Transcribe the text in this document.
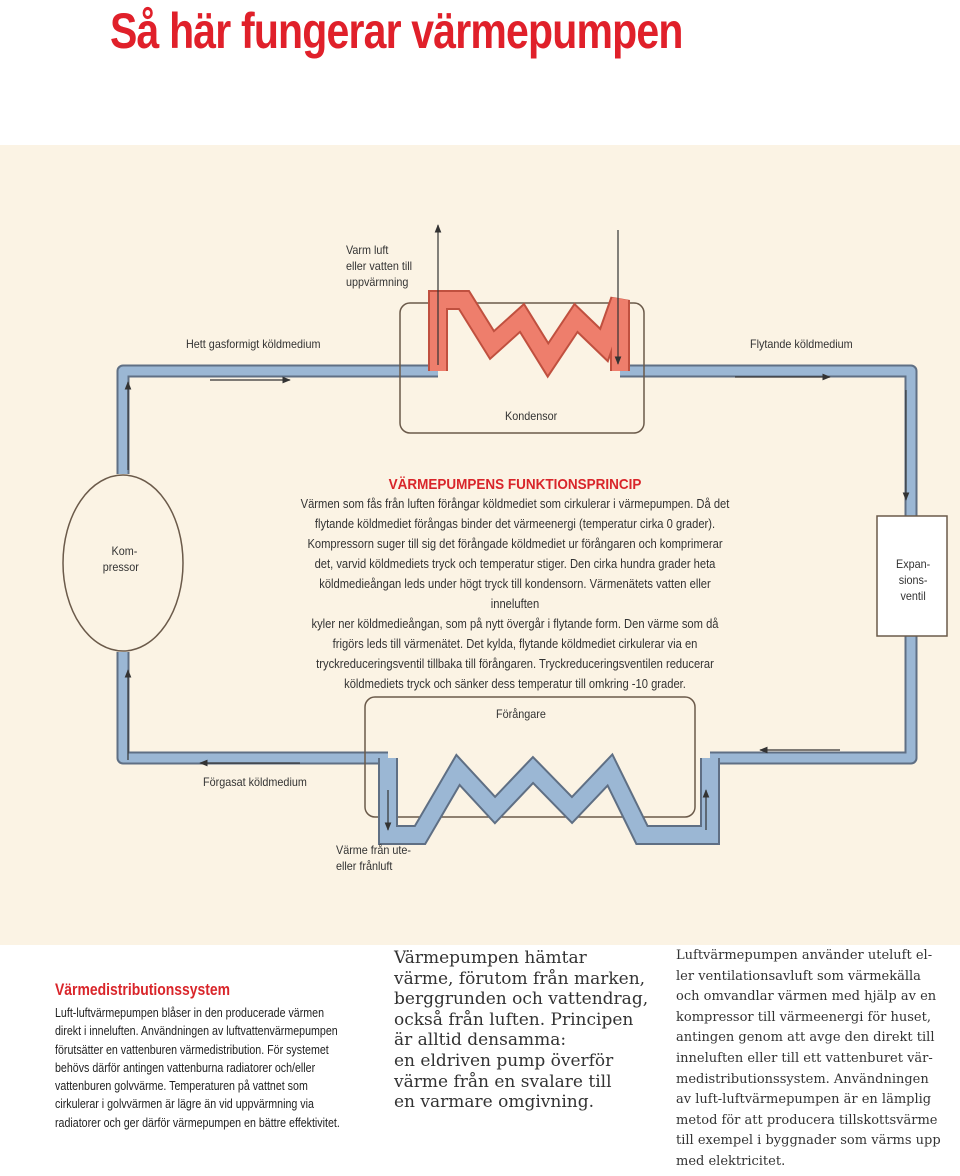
Så här fungerar värmepumpen
Varm luft
eller vatten till
uppvärmning
Hett gasformigt köldmedium	Flytande köldmedium
Kondensor
Kom-
pressor	Expan-
sions-
ventil
Förångare
Förgasat köldmedium
Värme från ute-
eller frånluft
VÄRMEPUMPENS FUNKTIONSPRINCIP
Värmen som fås från luften förångar köldmediet som cirkulerar i värmepumpen. Då det
flytande köldmediet förångas binder det värmeenergi (temperatur cirka 0 grader).
Kompressorn suger till sig det förångade köldmediet ur förångaren och komprimerar
det, varvid köldmediets tryck och temperatur stiger. Den cirka hundra grader heta
köldmedieångan leds under högt tryck till kondensorn. Värmenätets vatten eller inneluften
kyler ner köldmedieångan, som på nytt övergår i flytande form. Den värme som då
frigörs leds till värmenätet. Det kylda, flytande köldmediet cirkulerar via en
tryckreduceringsventil tillbaka till förångaren. Tryckreduceringsventilen reducerar
köldmediets tryck och sänker dess temperatur till omkring -10 grader.
Värmedistributionssystem
Luft-luftvärmepumpen blåser in den producerade värmen
direkt i inneluften. Användningen av luftvattenvärmepumpen
förutsätter en vattenburen värmedistribution. För systemet
behövs därför antingen vattenburna radiatorer och/eller
vattenburen golvvärme. Temperaturen på vattnet som
cirkulerar i golvvärmen är lägre än vid uppvärmning via
radiatorer och ger därför värmepumpen en bättre effektivitet.
Värmepumpen hämtar
värme, förutom från marken,
berggrunden och vattendrag,
också från luften. Principen
är alltid densamma:
en eldriven pump överför
värme från en svalare till
en varmare omgivning.
Luftvärmepumpen använder uteluft el-
ler ventilationsavluft som värmekälla
och omvandlar värmen med hjälp av en
kompressor till värmeenergi för huset,
antingen genom att avge den direkt till
inneluften eller till ett vattenburet vär-
medistributionssystem. Användningen
av luft-luftvärmepumpen är en lämplig
metod för att producera tillskottsvärme
till exempel i byggnader som värms upp
med elektricitet.
